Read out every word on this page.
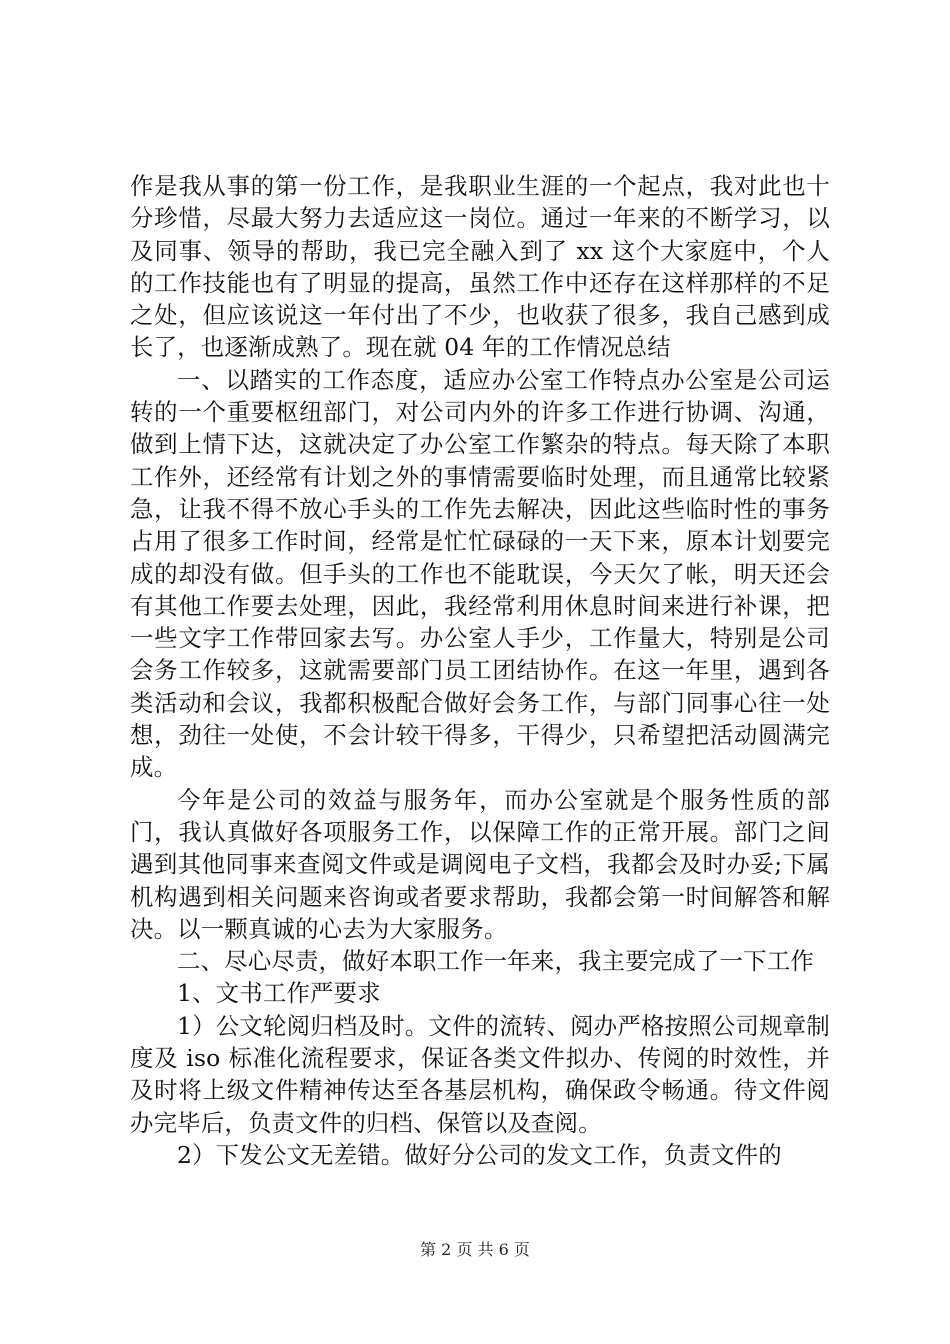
作是我从事的第一份工作，是我职业生涯的一个起点，我对此也十分珍惜，尽最大努力去适应这一岗位。通过一年来的不断学习，以及同事、领导的帮助，我已完全融入到了 xx 这个大家庭中，个人的工作技能也有了明显的提高，虽然工作中还存在这样那样的不足之处，但应该说这一年付出了不少，也收获了很多，我自己感到成长了，也逐渐成熟了。现在就 04 年的工作情况总结

一、以踏实的工作态度，适应办公室工作特点办公室是公司运转的一个重要枢纽部门，对公司内外的许多工作进行协调、沟通，做到上情下达，这就决定了办公室工作繁杂的特点。每天除了本职工作外，还经常有计划之外的事情需要临时处理，而且通常比较紧急，让我不得不放心手头的工作先去解决，因此这些临时性的事务占用了很多工作时间，经常是忙忙碌碌的一天下来，原本计划要完成的却没有做。但手头的工作也不能耽误，今天欠了帐，明天还会有其他工作要去处理，因此，我经常利用休息时间来进行补课，把一些文字工作带回家去写。办公室人手少，工作量大，特别是公司会务工作较多，这就需要部门员工团结协作。在这一年里，遇到各类活动和会议，我都积极配合做好会务工作，与部门同事心往一处想，劲往一处使，不会计较干得多，干得少，只希望把活动圆满完成。

今年是公司的效益与服务年，而办公室就是个服务性质的部门，我认真做好各项服务工作，以保障工作的正常开展。部门之间遇到其他同事来查阅文件或是调阅电子文档，我都会及时办妥;下属机构遇到相关问题来咨询或者要求帮助，我都会第一时间解答和解决。以一颗真诚的心去为大家服务。

二、尽心尽责，做好本职工作一年来，我主要完成了一下工作

1、文书工作严要求

1）公文轮阅归档及时。文件的流转、阅办严格按照公司规章制度及 iso 标准化流程要求，保证各类文件拟办、传阅的时效性，并及时将上级文件精神传达至各基层机构，确保政令畅通。待文件阅办完毕后，负责文件的归档、保管以及查阅。

2）下发公文无差错。做好分公司的发文工作，负责文件的

第 2 页 共 6 页
